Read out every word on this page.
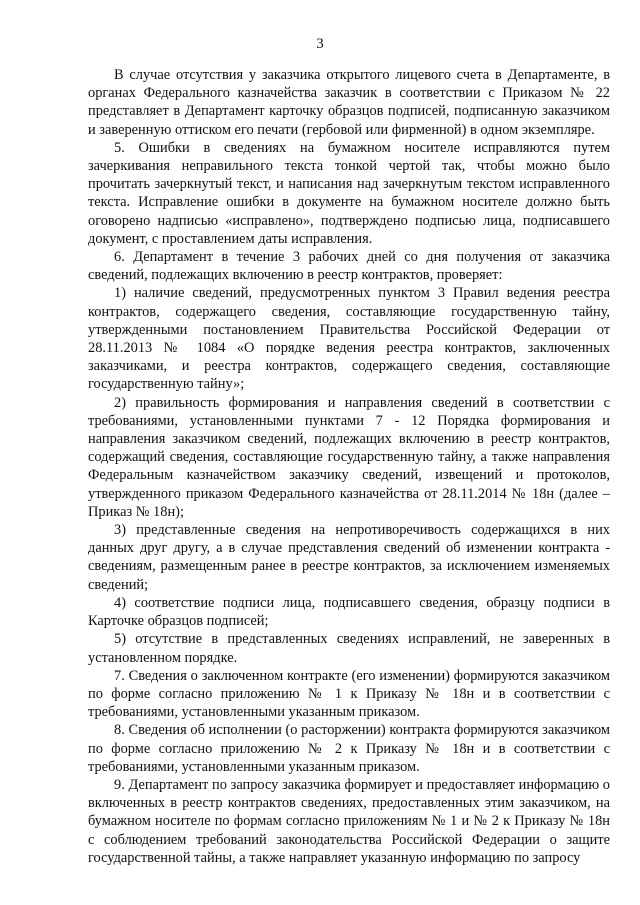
3

В случае отсутствия у заказчика открытого лицевого счета в Департаменте, в органах Федерального казначейства заказчик в соответствии с Приказом № 22 представляет в Департамент карточку образцов подписей, подписанную заказчиком и заверенную оттиском его печати (гербовой или фирменной) в одном экземпляре.

5. Ошибки в сведениях на бумажном носителе исправляются путем зачеркивания неправильного текста тонкой чертой так, чтобы можно было прочитать зачеркнутый текст, и написания над зачеркнутым текстом исправленного текста. Исправление ошибки в документе на бумажном носителе должно быть оговорено надписью «исправлено», подтверждено подписью лица, подписавшего документ, с проставлением даты исправления.

6. Департамент в течение 3 рабочих дней со дня получения от заказчика сведений, подлежащих включению в реестр контрактов, проверяет:

1) наличие сведений, предусмотренных пунктом 3 Правил ведения реестра контрактов, содержащего сведения, составляющие государственную тайну, утвержденными постановлением Правительства Российской Федерации от 28.11.2013 № 1084 «О порядке ведения реестра контрактов, заключенных заказчиками, и реестра контрактов, содержащего сведения, составляющие государственную тайну»;

2) правильность формирования и направления сведений в соответствии с требованиями, установленными пунктами 7 - 12 Порядка формирования и направления заказчиком сведений, подлежащих включению в реестр контрактов, содержащий сведения, составляющие государственную тайну, а также направления Федеральным казначейством заказчику сведений, извещений и протоколов, утвержденного приказом Федерального казначейства от 28.11.2014 № 18н (далее – Приказ № 18н);

3) представленные сведения на непротиворечивость содержащихся в них данных друг другу, а в случае представления сведений об изменении контракта - сведениям, размещенным ранее в реестре контрактов, за исключением изменяемых сведений;

4) соответствие подписи лица, подписавшего сведения, образцу подписи в Карточке образцов подписей;

5) отсутствие в представленных сведениях исправлений, не заверенных в установленном порядке.

7. Сведения о заключенном контракте (его изменении) формируются заказчиком по форме согласно приложению № 1 к Приказу № 18н и в соответствии с требованиями, установленными указанным приказом.

8. Сведения об исполнении (о расторжении) контракта формируются заказчиком по форме согласно приложению № 2 к Приказу № 18н и в соответствии с требованиями, установленными указанным приказом.

9. Департамент по запросу заказчика формирует и предоставляет информацию о включенных в реестр контрактов сведениях, предоставленных этим заказчиком, на бумажном носителе по формам согласно приложениям № 1 и № 2 к Приказу № 18н с соблюдением требований законодательства Российской Федерации о защите государственной тайны, а также направляет указанную информацию по запросу
